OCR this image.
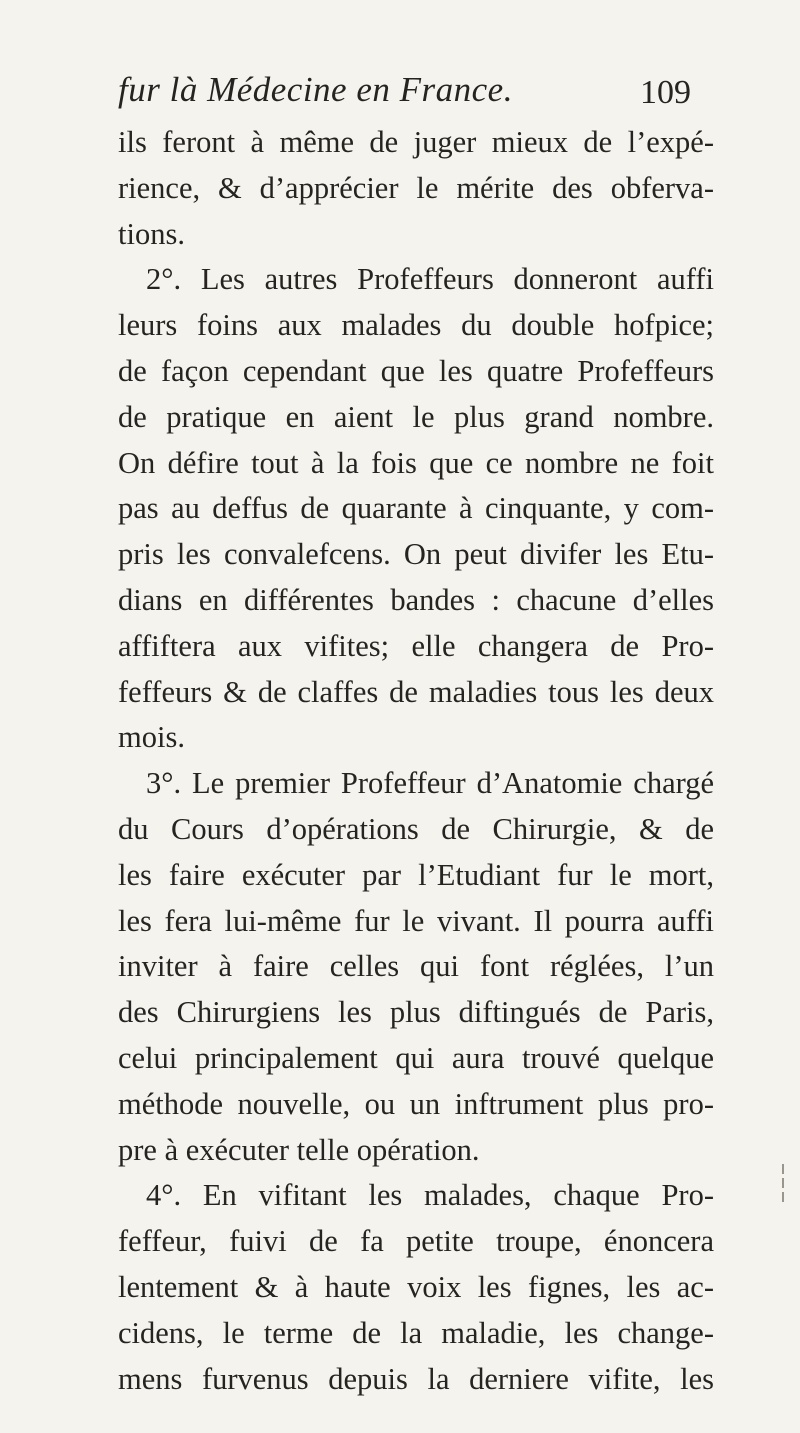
fur là Médecine en France.	109
ils feront à même de juger mieux de l’expé-
rience, & d’apprécier le mérite des obferva-
tions.
2°. Les autres Profeffeurs donneront auffi
leurs foins aux malades du double hofpice;
de façon cependant que les quatre Profeffeurs
de pratique en aient le plus grand nombre.
On défire tout à la fois que ce nombre ne foit
pas au deffus de quarante à cinquante, y com-
pris les convalefcens. On peut divifer les Etu-
dians en différentes bandes : chacune d’elles
affiftera aux vifites; elle changera de Pro-
feffeurs & de claffes de maladies tous les deux
mois.
3°. Le premier Profeffeur d’Anatomie chargé
du Cours d’opérations de Chirurgie, & de
les faire exécuter par l’Etudiant fur le mort,
les fera lui-même fur le vivant. Il pourra auffi
inviter à faire celles qui font réglées, l’un
des Chirurgiens les plus diftingués de Paris,
celui principalement qui aura trouvé quelque
méthode nouvelle, ou un inftrument plus pro-
pre à exécuter telle opération.
4°. En vifitant les malades, chaque Pro-
feffeur, fuivi de fa petite troupe, énoncera
lentement & à haute voix les fignes, les ac-
cidens, le terme de la maladie, les change-
mens furvenus depuis la derniere vifite, les
